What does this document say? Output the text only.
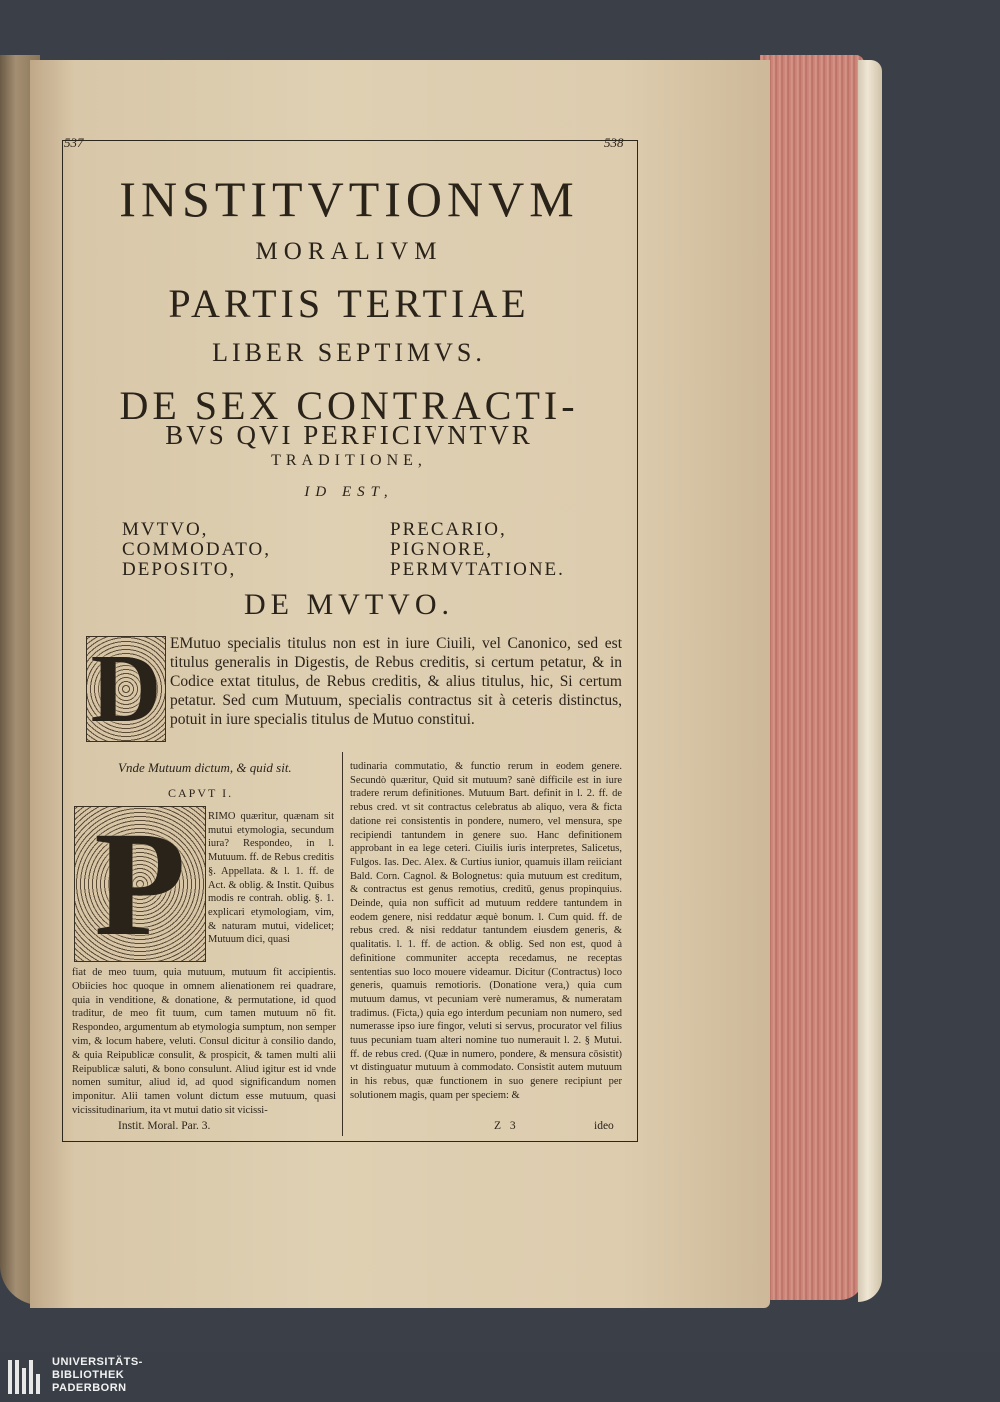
537	538
INSTITVTIONVM
MORALIVM
PARTIS TERTIAE
LIBER SEPTIMVS.
DE SEX CONTRACTI-
BVS QVI PERFICIVNTVR
TRADITIONE,
ID EST,
MVTVO,
COMMODATO,
DEPOSITO,
PRECARIO,
PIGNORE,
PERMVTATIONE.
DE MVTVO.
D EMutuo specialis titulus non est in iure Ciuili, vel Canonico, sed est titulus generalis in Digestis, de Rebus creditis, si certum petatur, & in Codice extat titulus, de Rebus creditis, & alius titulus, hic, Si certum petatur. Sed cum Mutuum, specialis contractus sit à ceteris distinctus, potuit in iure specialis titulus de Mutuo constitui.
Vnde Mutuum dictum, & quid sit.
CAPVT I.
P	RIMO quæritur, quænam sit mutui etymologia, secundum iura? Respondeo, in l. Mutuum. ff. de Rebus creditis §. Appellata. & l. 1. ff. de Act. & oblig. & Instit. Quibus modis re contrah. oblig. §. 1. explicari etymologiam, vim, & naturam mutui, videlicet; Mutuum dici, quasi
fiat de meo tuum, quia mutuum, mutuum fit accipientis. Obiicies hoc quoque in omnem alienationem rei quadrare, quia in venditione, & donatione, & permutatione, id quod traditur, de meo fit tuum, cum tamen mutuum nō fit. Respondeo, argumentum ab etymologia sumptum, non semper vim, & locum habere, veluti. Consul dicitur à consilio dando, & quia Reipublicæ consulit, & prospicit, & tamen multi alii Reipublicæ saluti, & bono consulunt. Aliud igitur est id vnde nomen sumitur, aliud id, ad quod significandum nomen imponitur. Alii tamen volunt dictum esse mutuum, quasi vicissitudinarium, ita vt mutui datio sit vicissi-
tudinaria commutatio, & functio rerum in eodem genere. Secundò quæritur, Quid sit mutuum? sanè difficile est in iure tradere rerum definitiones. Mutuum Bart. definit in l. 2. ff. de rebus cred. vt sit contractus celebratus ab aliquo, vera & ficta datione rei consistentis in pondere, numero, vel mensura, spe recipiendi tantundem in genere suo. Hanc definitionem approbant in ea lege ceteri. Ciuilis iuris interpretes, Salicetus, Fulgos. Ias. Dec. Alex. & Curtius iunior, quamuis illam reiiciant Bald. Corn. Cagnol. & Bolognetus: quia mutuum est creditum, & contractus est genus remotius, creditū, genus propinquius. Deinde, quia non sufficit ad mutuum reddere tantundem in eodem genere, nisi reddatur æquè bonum. l. Cum quid. ff. de rebus cred. & nisi reddatur tantundem eiusdem generis, & qualitatis. l. 1. ff. de action. & oblig. Sed non est, quod à definitione communiter accepta recedamus, ne receptas sententias suo loco mouere videamur. Dicitur (Contractus) loco generis, quamuis remotioris. (Donatione vera,) quia cum mutuum damus, vt pecuniam verè numeramus, & numeratam tradimus. (Ficta,) quia ego interdum pecuniam non numero, sed numerasse ipso iure fingor, veluti si servus, procurator vel filius tuus pecuniam tuam alteri nomine tuo numerauit l. 2. § Mutui. ff. de rebus cred. (Quæ in numero, pondere, & mensura cōsistit) vt distinguatur mutuum à commodato. Consistit autem mutuum in his rebus, quæ functionem in suo genere recipiunt per solutionem magis, quam per speciem: &
Instit. Moral. Par. 3.	Z 3	ideo
UNIVERSITÄTS-
BIBLIOTHEK
PADERBORN
